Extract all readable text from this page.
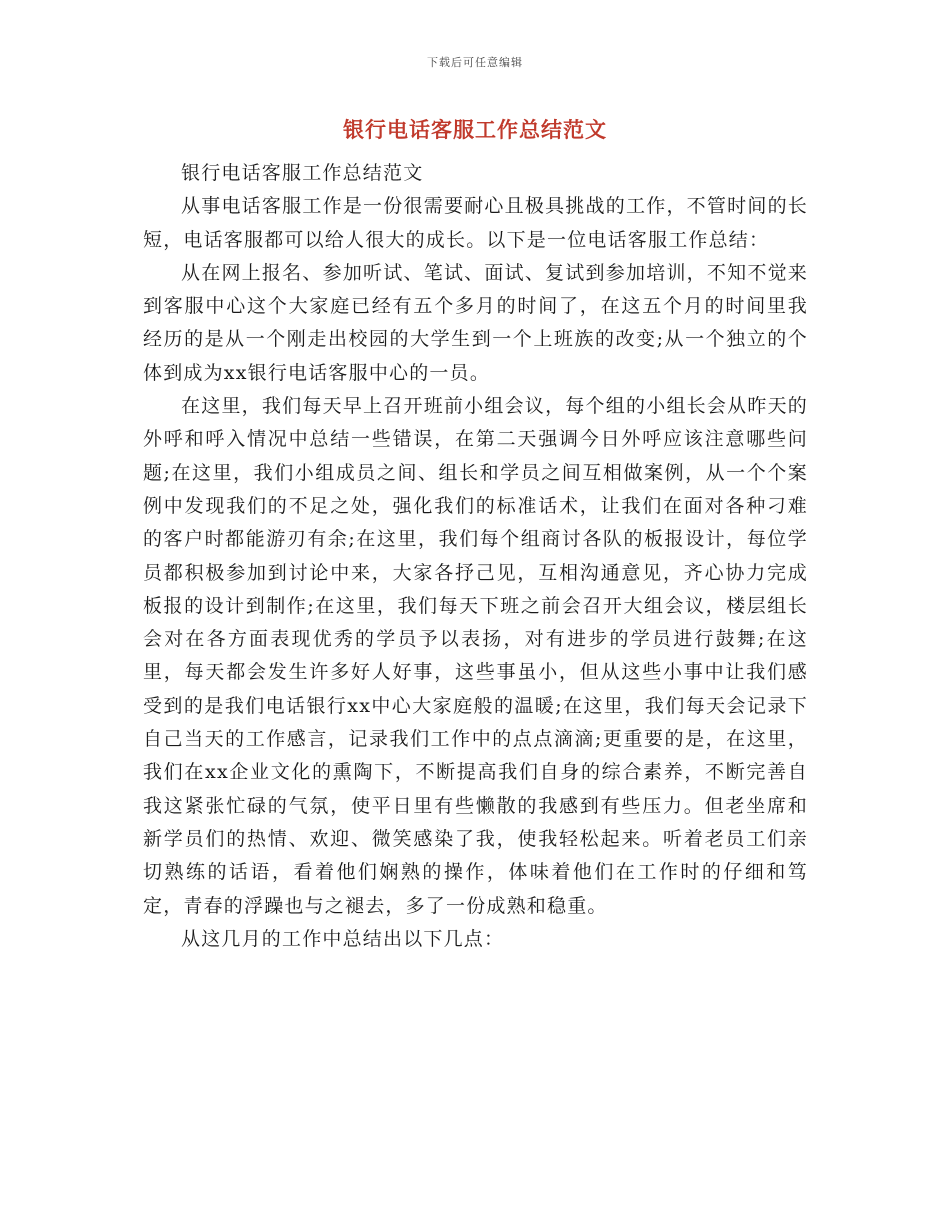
下载后可任意编辑
银行电话客服工作总结范文

银行电话客服工作总结范文

从事电话客服工作是一份很需要耐心且极具挑战的工作，不管时间的长短，电话客服都可以给人很大的成长。以下是一位电话客服工作总结：

从在网上报名、参加听试、笔试、面试、复试到参加培训，不知不觉来到客服中心这个大家庭已经有五个多月的时间了，在这五个月的时间里我经历的是从一个刚走出校园的大学生到一个上班族的改变;从一个独立的个体到成为xx银行电话客服中心的一员。

在这里，我们每天早上召开班前小组会议，每个组的小组长会从昨天的外呼和呼入情况中总结一些错误，在第二天强调今日外呼应该注意哪些问题;在这里，我们小组成员之间、组长和学员之间互相做案例，从一个个案例中发现我们的不足之处，强化我们的标准话术，让我们在面对各种刁难的客户时都能游刃有余;在这里，我们每个组商讨各队的板报设计，每位学员都积极参加到讨论中来，大家各抒己见，互相沟通意见，齐心协力完成板报的设计到制作;在这里，我们每天下班之前会召开大组会议，楼层组长会对在各方面表现优秀的学员予以表扬，对有进步的学员进行鼓舞;在这里，每天都会发生许多好人好事，这些事虽小，但从这些小事中让我们感受到的是我们电话银行xx中心大家庭般的温暖;在这里，我们每天会记录下自己当天的工作感言，记录我们工作中的点点滴滴;更重要的是，在这里，我们在xx企业文化的熏陶下，不断提高我们自身的综合素养，不断完善自我这紧张忙碌的气氛，使平日里有些懒散的我感到有些压力。但老坐席和新学员们的热情、欢迎、微笑感染了我，使我轻松起来。听着老员工们亲切熟练的话语，看着他们娴熟的操作，体味着他们在工作时的仔细和笃定，青春的浮躁也与之褪去，多了一份成熟和稳重。

从这几月的工作中总结出以下几点：
